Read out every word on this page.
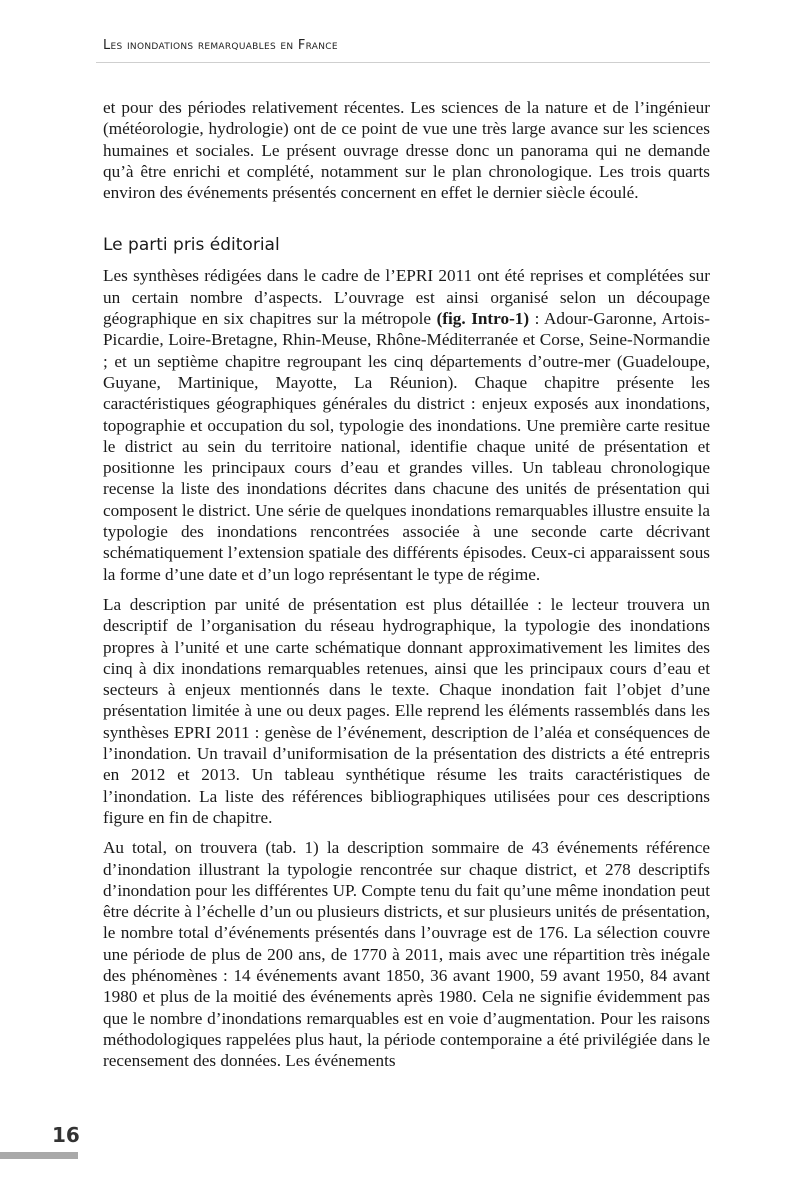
Les inondations remarquables en France

et pour des périodes relativement récentes. Les sciences de la nature et de l’ingénieur (météorologie, hydrologie) ont de ce point de vue une très large avance sur les sciences humaines et sociales. Le présent ouvrage dresse donc un panorama qui ne demande qu’à être enrichi et complété, notamment sur le plan chronologique. Les trois quarts environ des événements présentés concernent en effet le dernier siècle écoulé.

Le parti pris éditorial

Les synthèses rédigées dans le cadre de l’EPRI 2011 ont été reprises et complétées sur un certain nombre d’aspects. L’ouvrage est ainsi organisé selon un découpage géographique en six chapitres sur la métropole (fig. Intro-1) : Adour-Garonne, Artois-Picardie, Loire-Bretagne, Rhin-Meuse, Rhône-Méditerranée et Corse, Seine-Normandie ; et un septième chapitre regroupant les cinq départements d’outre-mer (Guadeloupe, Guyane, Martinique, Mayotte, La Réunion). Chaque chapitre présente les caractéristiques géographiques générales du district : enjeux exposés aux inondations, topographie et occupation du sol, typologie des inondations. Une première carte resitue le district au sein du territoire national, identifie chaque unité de présentation et positionne les principaux cours d’eau et grandes villes. Un tableau chronologique recense la liste des inondations décrites dans chacune des unités de présentation qui composent le district. Une série de quelques inondations remarquables illustre ensuite la typologie des inondations rencontrées associée à une seconde carte décrivant schématiquement l’extension spatiale des différents épisodes. Ceux-ci apparaissent sous la forme d’une date et d’un logo représentant le type de régime.

La description par unité de présentation est plus détaillée : le lecteur trouvera un descriptif de l’organisation du réseau hydrographique, la typologie des inondations propres à l’unité et une carte schématique donnant approximativement les limites des cinq à dix inondations remarquables retenues, ainsi que les principaux cours d’eau et secteurs à enjeux mentionnés dans le texte. Chaque inondation fait l’objet d’une présentation limitée à une ou deux pages. Elle reprend les éléments rassemblés dans les synthèses EPRI 2011 : genèse de l’événement, description de l’aléa et conséquences de l’inondation. Un travail d’uniformisation de la présentation des districts a été entrepris en 2012 et 2013. Un tableau synthétique résume les traits caractéristiques de l’inondation. La liste des références bibliographiques utilisées pour ces descriptions figure en fin de chapitre.

Au total, on trouvera (tab. 1) la description sommaire de 43 événements référence d’inondation illustrant la typologie rencontrée sur chaque district, et 278 descriptifs d’inondation pour les différentes UP. Compte tenu du fait qu’une même inondation peut être décrite à l’échelle d’un ou plusieurs districts, et sur plusieurs unités de présentation, le nombre total d’événements présentés dans l’ouvrage est de 176. La sélection couvre une période de plus de 200 ans, de 1770 à 2011, mais avec une répartition très inégale des phénomènes : 14 événements avant 1850, 36 avant 1900, 59 avant 1950, 84 avant 1980 et plus de la moitié des événements après 1980. Cela ne signifie évidemment pas que le nombre d’inondations remarquables est en voie d’augmentation. Pour les raisons méthodologiques rappelées plus haut, la période contemporaine a été privilégiée dans le recensement des données. Les événements

16
